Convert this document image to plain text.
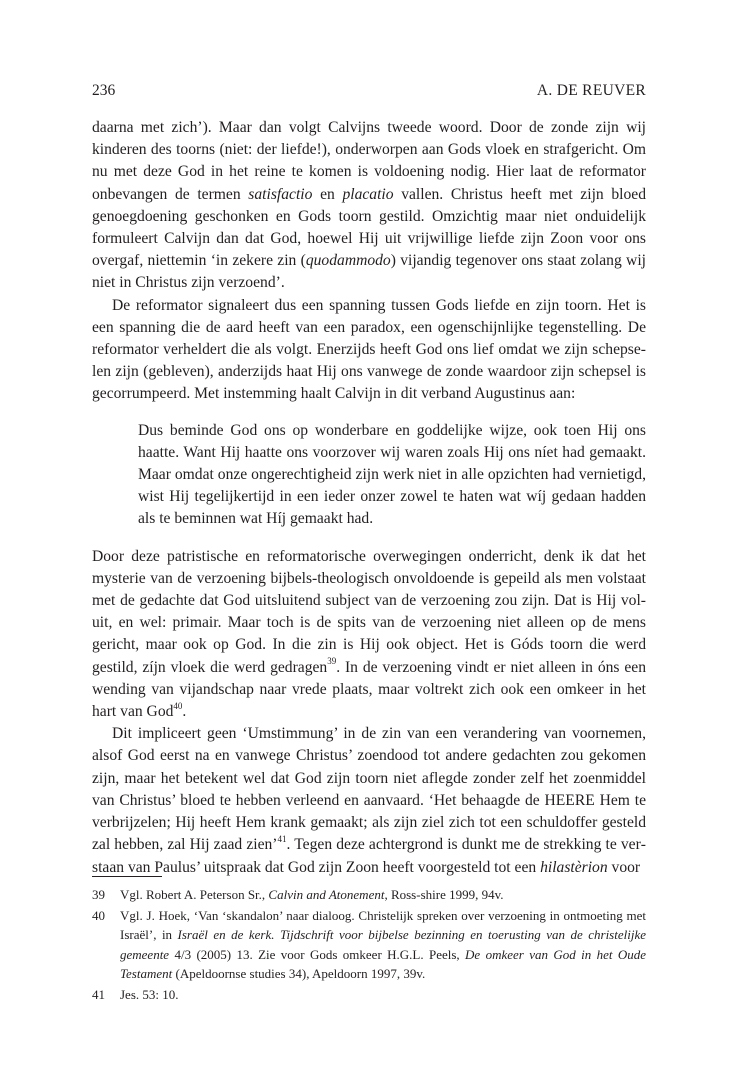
236	A. DE REUVER

daarna met zich’). Maar dan volgt Calvijns tweede woord. Door de zonde zijn wij kinderen des toorns (niet: der liefde!), onderworpen aan Gods vloek en strafgericht. Om nu met deze God in het reine te komen is voldoening nodig. Hier laat de reformator onbevangen de termen satisfactio en placatio vallen. Christus heeft met zijn bloed genoegdoening geschonken en Gods toorn gestild. Omzichtig maar niet onduidelijk formuleert Calvijn dan dat God, hoewel Hij uit vrijwillige liefde zijn Zoon voor ons overgaf, niettemin ‘in zekere zin (quodammodo) vijandig tegenover ons staat zolang wij niet in Christus zijn verzoend’.

De reformator signaleert dus een spanning tussen Gods liefde en zijn toorn. Het is een spanning die de aard heeft van een paradox, een ogenschijnlijke tegenstelling. De reformator verheldert die als volgt. Enerzijds heeft God ons lief omdat we zijn schepselen zijn (gebleven), anderzijds haat Hij ons vanwege de zonde waardoor zijn schepsel is gecorrumpeerd. Met instemming haalt Calvijn in dit verband Augustinus aan:

Dus beminde God ons op wonderbare en goddelijke wijze, ook toen Hij ons haatte. Want Hij haatte ons voorzover wij waren zoals Hij ons níet had gemaakt. Maar omdat onze ongerechtigheid zijn werk niet in alle opzichten had vernietigd, wist Hij tegelijkertijd in een ieder onzer zowel te haten wat wíj gedaan hadden als te beminnen wat Híj gemaakt had.

Door deze patristische en reformatorische overwegingen onderricht, denk ik dat het mysterie van de verzoening bijbels-theologisch onvoldoende is gepeild als men volstaat met de gedachte dat God uitsluitend subject van de verzoening zou zijn. Dat is Hij voluit, en wel: primair. Maar toch is de spits van de verzoening niet alleen op de mens gericht, maar ook op God. In die zin is Hij ook object. Het is Góds toorn die werd gestild, zíjn vloek die werd gedragen$^{39}$. In de verzoening vindt er niet alleen in óns een wending van vijandschap naar vrede plaats, maar voltrekt zich ook een omkeer in het hart van God$^{40}$.

Dit impliceert geen ‘Umstimmung’ in de zin van een verandering van voornemen, alsof God eerst na en vanwege Christus’ zoendood tot andere gedachten zou gekomen zijn, maar het betekent wel dat God zijn toorn niet aflegde zonder zelf het zoenmiddel van Christus’ bloed te hebben verleend en aanvaard. ‘Het behaagde de HEERE Hem te verbrijzelen; Hij heeft Hem krank gemaakt; als zijn ziel zich tot een schuldoffer gesteld zal hebben, zal Hij zaad zien’$^{41}$. Tegen deze achtergrond is dunkt me de strekking te verstaan van Paulus’ uitspraak dat God zijn Zoon heeft voorgesteld tot een hilastèrion voor

39 Vgl. Robert A. Peterson Sr., Calvin and Atonement, Ross-shire 1999, 94v.
40 Vgl. J. Hoek, ‘Van ‘skandalon’ naar dialoog. Christelijk spreken over verzoening in ontmoeting met Israël’, in Israël en de kerk. Tijdschrift voor bijbelse bezinning en toerusting van de christelijke gemeente 4/3 (2005) 13. Zie voor Gods omkeer H.G.L. Peels, De omkeer van God in het Oude Testament (Apeldoornse studies 34), Apeldoorn 1997, 39v.
41 Jes. 53: 10.
